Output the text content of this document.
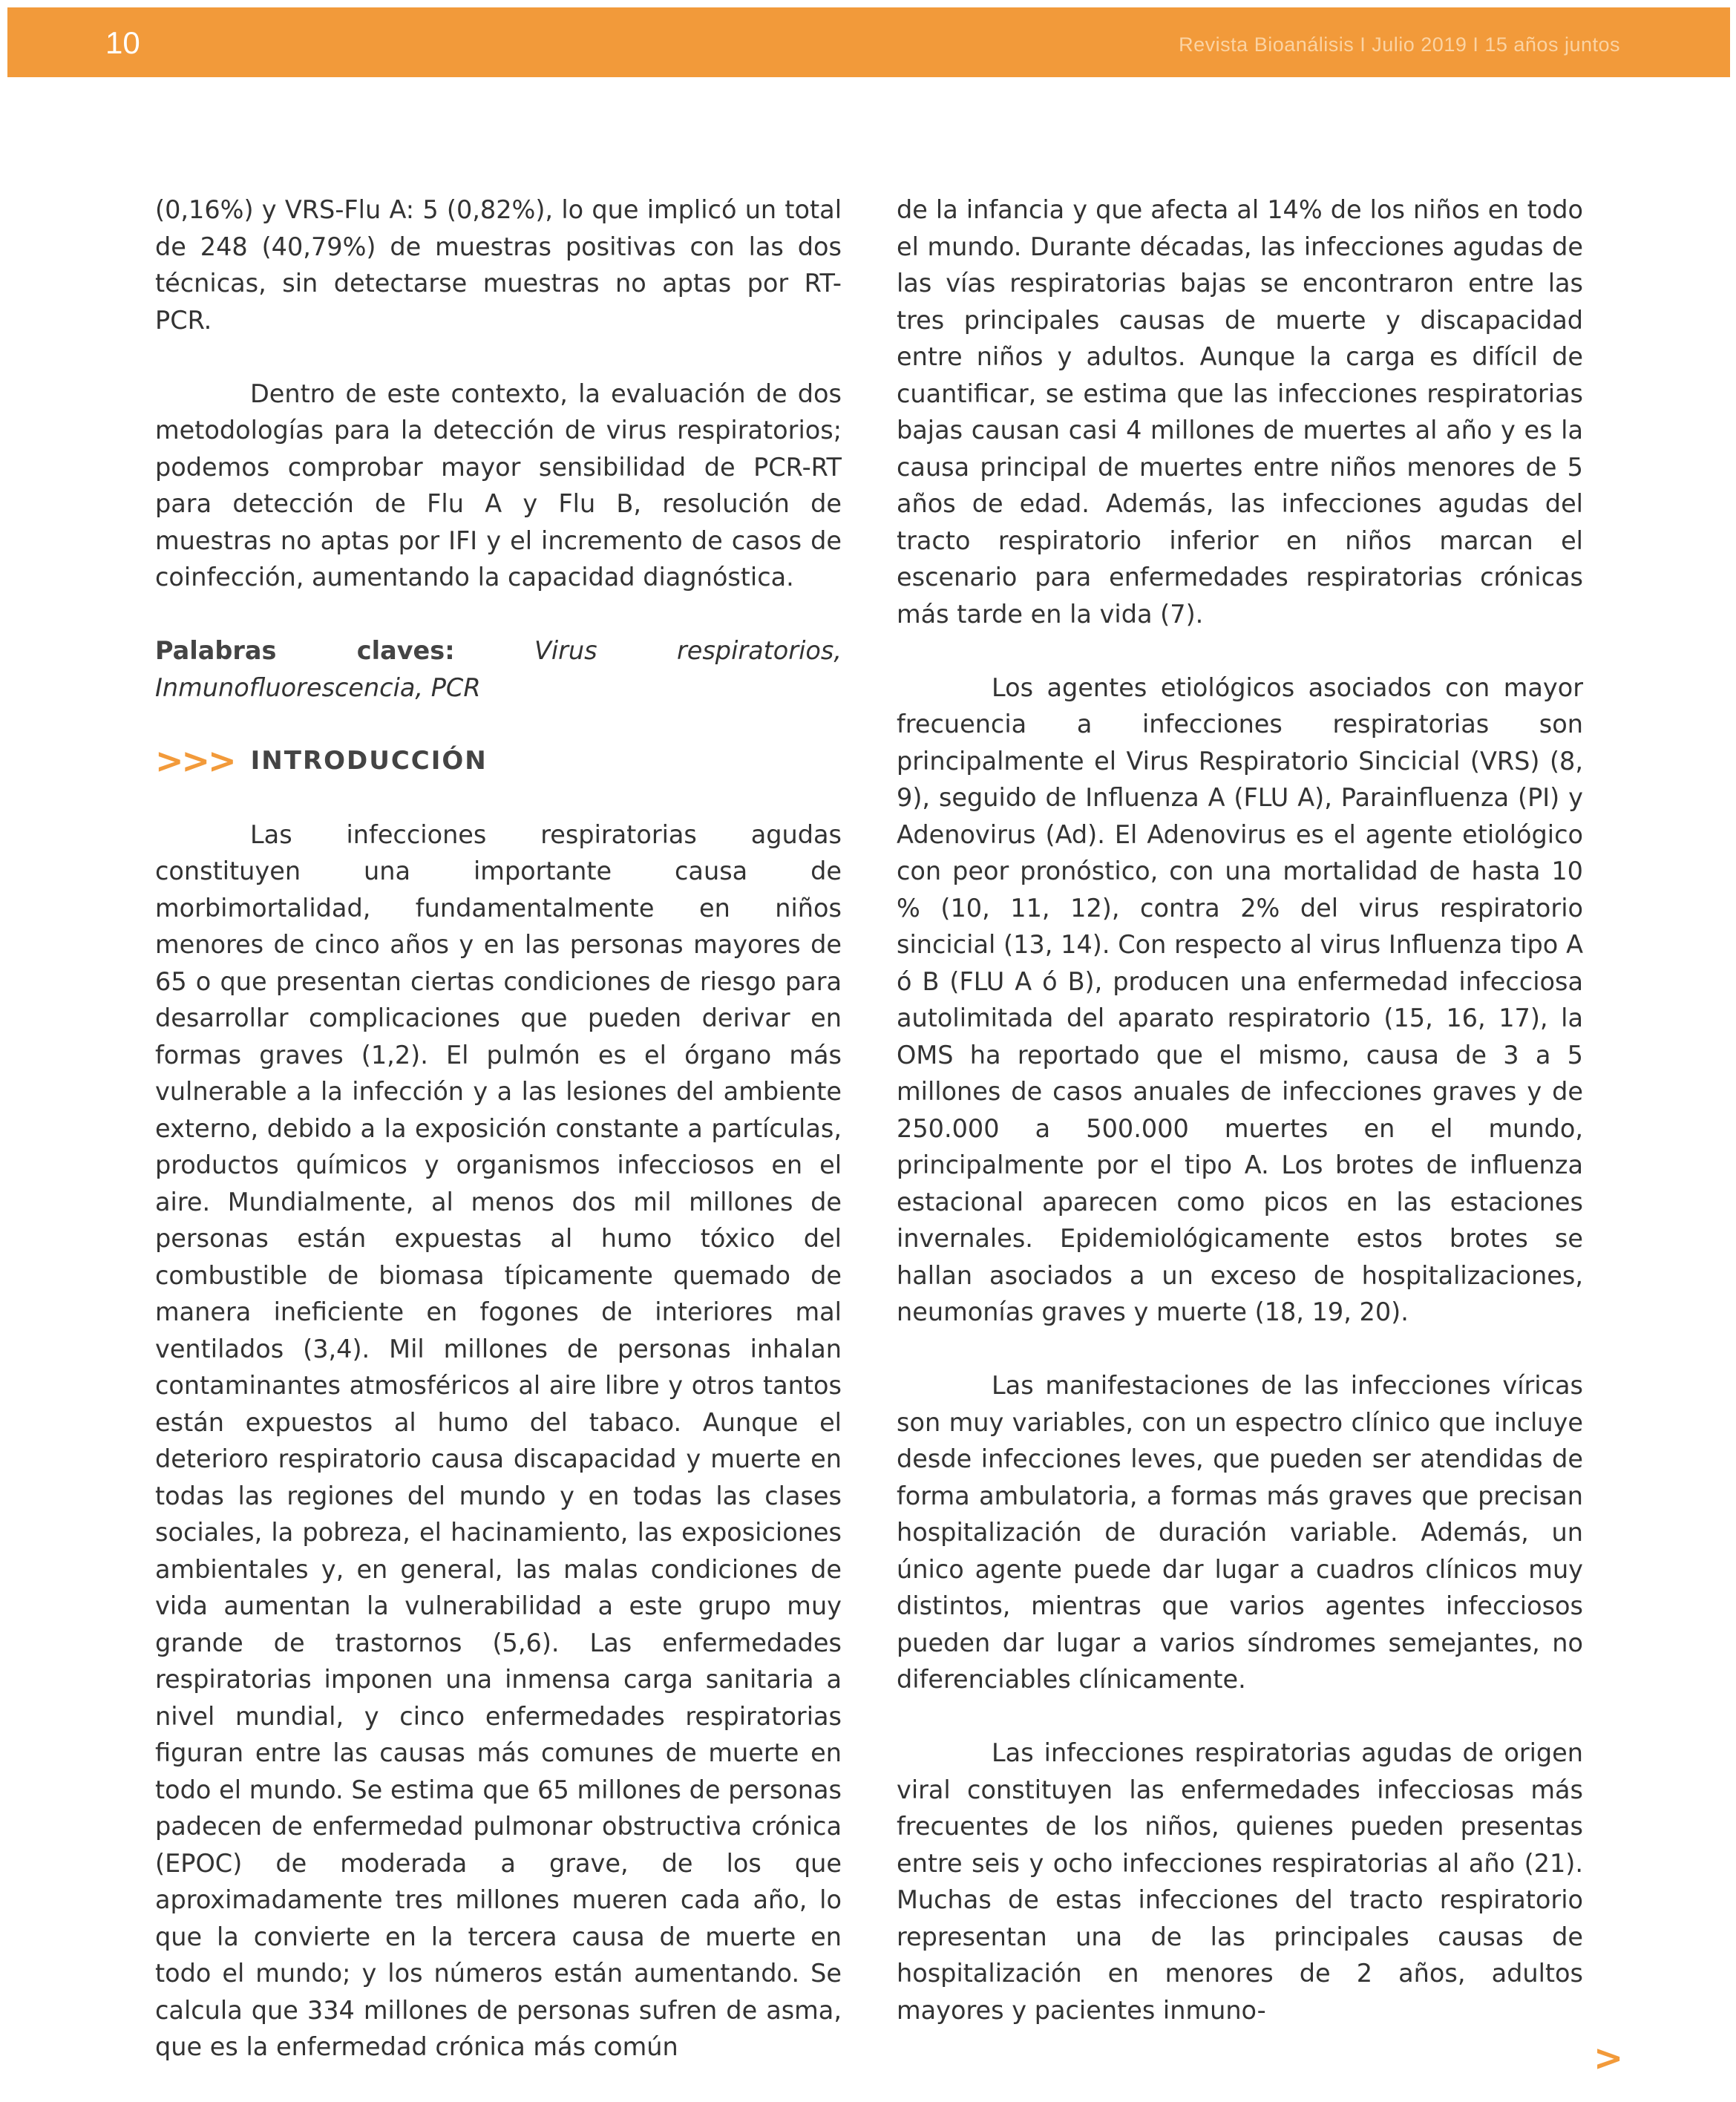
10	Revista Bioanálisis I Julio 2019 I 15 años juntos

(0,16%) y VRS-Flu A: 5 (0,82%), lo que implicó un total de 248 (40,79%) de muestras positivas con las dos técnicas, sin detectarse muestras no aptas por RT-PCR.

Dentro de este contexto, la evaluación de dos metodologías para la detección de virus respiratorios; podemos comprobar mayor sensibilidad de PCR-RT para detección de Flu A y Flu B, resolución de muestras no aptas por IFI y el incremento de casos de coinfección, aumentando la capacidad diagnóstica.

Palabras claves:	Virus respiratorios, Inmunofluorescencia, PCR

>>> INTRODUCCIÓN

Las infecciones respiratorias agudas constituyen una importante causa de morbimortalidad, fundamentalmente en niños menores de cinco años y en las personas mayores de 65 o que presentan ciertas condiciones de riesgo para desarrollar complicaciones que pueden derivar en formas graves (1,2). El pulmón es el órgano más vulnerable a la infección y a las lesiones del ambiente externo, debido a la exposición constante a partículas, productos químicos y organismos infecciosos en el aire. Mundialmente, al menos dos mil millones de personas están expuestas al humo tóxico del combustible de biomasa típicamente quemado de manera ineficiente en fogones de interiores mal ventilados (3,4). Mil millones de personas inhalan contaminantes atmosféricos al aire libre y otros tantos están expuestos al humo del tabaco. Aunque el deterioro respiratorio causa discapacidad y muerte en todas las regiones del mundo y en todas las clases sociales, la pobreza, el hacinamiento, las exposiciones ambientales y, en general, las malas condiciones de vida aumentan la vulnerabilidad a este grupo muy grande de trastornos (5,6). Las enfermedades respiratorias imponen una inmensa carga sanitaria a nivel mundial, y cinco enfermedades respiratorias figuran entre las causas más comunes de muerte en todo el mundo. Se estima que 65 millones de personas padecen de enfermedad pulmonar obstructiva crónica (EPOC) de moderada a grave, de los que aproximadamente tres millones mueren cada año, lo que la convierte en la tercera causa de muerte en todo el mundo; y los números están aumentando. Se calcula que 334 millones de personas sufren de asma, que es la enfermedad crónica más común

de la infancia y que afecta al 14% de los niños en todo el mundo. Durante décadas, las infecciones agudas de las vías respiratorias bajas se encontraron entre las tres principales causas de muerte y discapacidad entre niños y adultos. Aunque la carga es difícil de cuantificar, se estima que las infecciones respiratorias bajas causan casi 4 millones de muertes al año y es la causa principal de muertes entre niños menores de 5 años de edad. Además, las infecciones agudas del tracto respiratorio inferior en niños marcan el escenario para enfermedades respiratorias crónicas más tarde en la vida (7).

Los agentes etiológicos asociados con mayor frecuencia a infecciones respiratorias son principalmente el Virus Respiratorio Sincicial (VRS) (8, 9), seguido de Influenza A (FLU A), Parainfluenza (PI) y Adenovirus (Ad). El Adenovirus es el agente etiológico con peor pronóstico, con una mortalidad de hasta 10 % (10, 11, 12), contra 2% del virus respiratorio sincicial (13, 14). Con respecto al virus Influenza tipo A ó B (FLU A ó B), producen una enfermedad infecciosa autolimitada del aparato respiratorio (15, 16, 17), la OMS ha reportado que el mismo, causa de 3 a 5 millones de casos anuales de infecciones graves y de 250.000 a 500.000 muertes en el mundo, principalmente por el tipo A. Los brotes de influenza estacional aparecen como picos en las estaciones invernales. Epidemiológicamente estos brotes se hallan asociados a un exceso de hospitalizaciones, neumonías graves y muerte (18, 19, 20).

Las manifestaciones de las infecciones víricas son muy variables, con un espectro clínico que incluye desde infecciones leves, que pueden ser atendidas de forma ambulatoria, a formas más graves que precisan hospitalización de duración variable. Además, un único agente puede dar lugar a cuadros clínicos muy distintos, mientras que varios agentes infecciosos pueden dar lugar a varios síndromes semejantes, no diferenciables clínicamente.

Las infecciones respiratorias agudas de origen viral constituyen las enfermedades infecciosas más frecuentes de los niños, quienes pueden presentas entre seis y ocho infecciones respiratorias al año (21). Muchas de estas infecciones del tracto respiratorio representan una de las principales causas de hospitalización en menores de 2 años, adultos mayores y pacientes inmuno-

>
